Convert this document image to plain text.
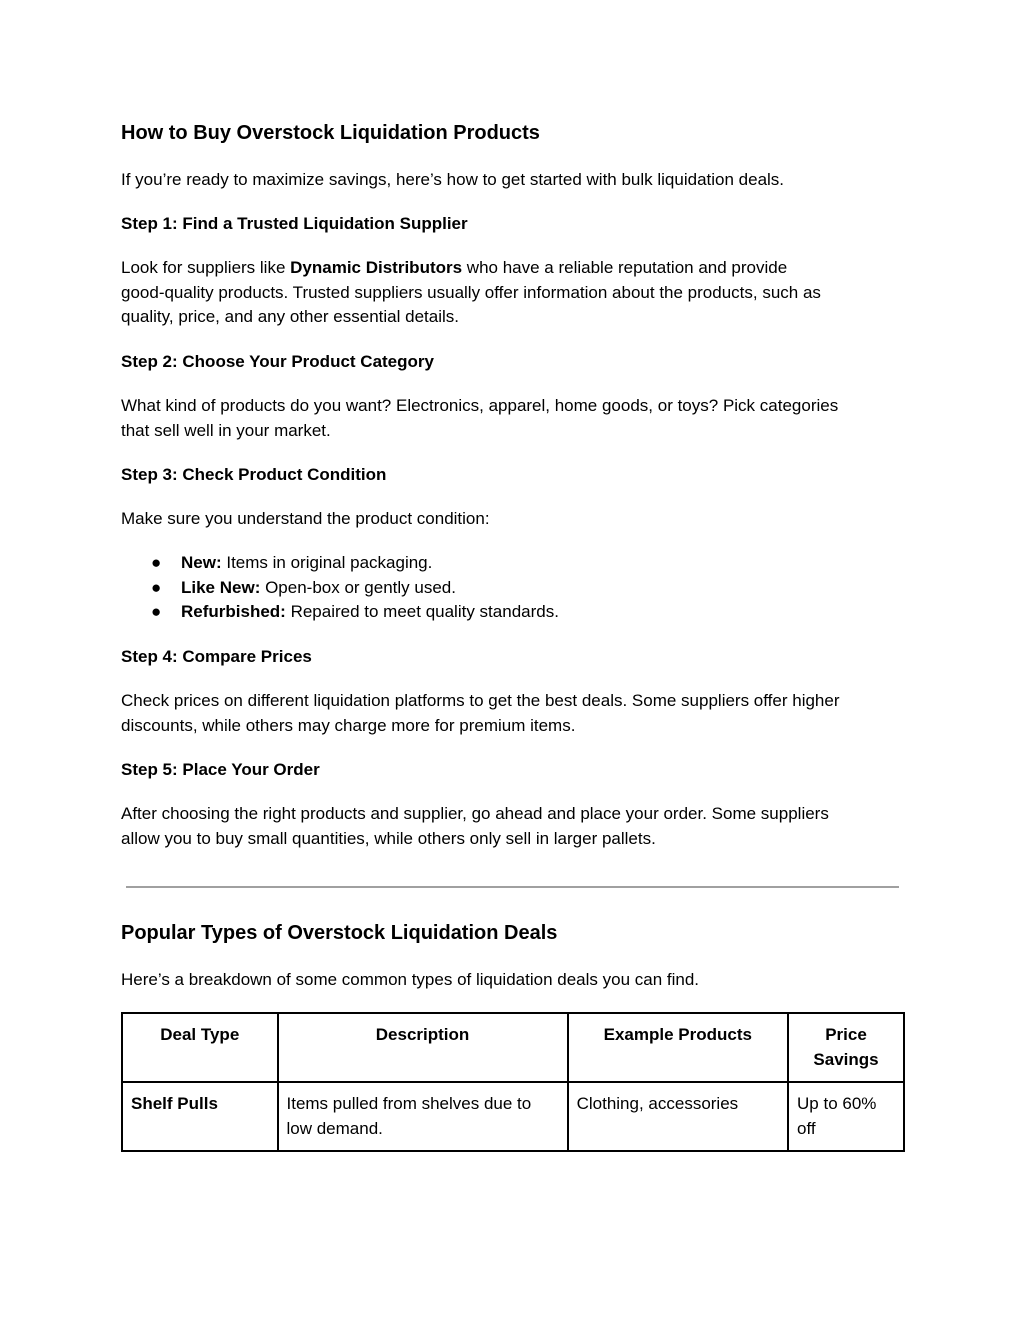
How to Buy Overstock Liquidation Products

If you’re ready to maximize savings, here’s how to get started with bulk liquidation deals.

Step 1: Find a Trusted Liquidation Supplier

Look for suppliers like Dynamic Distributors who have a reliable reputation and provide
good-quality products. Trusted suppliers usually offer information about the products, such as
quality, price, and any other essential details.

Step 2: Choose Your Product Category

What kind of products do you want? Electronics, apparel, home goods, or toys? Pick categories
that sell well in your market.

Step 3: Check Product Condition

Make sure you understand the product condition:

● New: Items in original packaging.
● Like New: Open-box or gently used.
● Refurbished: Repaired to meet quality standards.

Step 4: Compare Prices

Check prices on different liquidation platforms to get the best deals. Some suppliers offer higher
discounts, while others may charge more for premium items.

Step 5: Place Your Order

After choosing the right products and supplier, go ahead and place your order. Some suppliers
allow you to buy small quantities, while others only sell in larger pallets.
Popular Types of Overstock Liquidation Deals

Here’s a breakdown of some common types of liquidation deals you can find.

Deal Type	Description	Example Products	Price Savings
Shelf Pulls	Items pulled from shelves due to low demand.	Clothing, accessories	Up to 60% off
